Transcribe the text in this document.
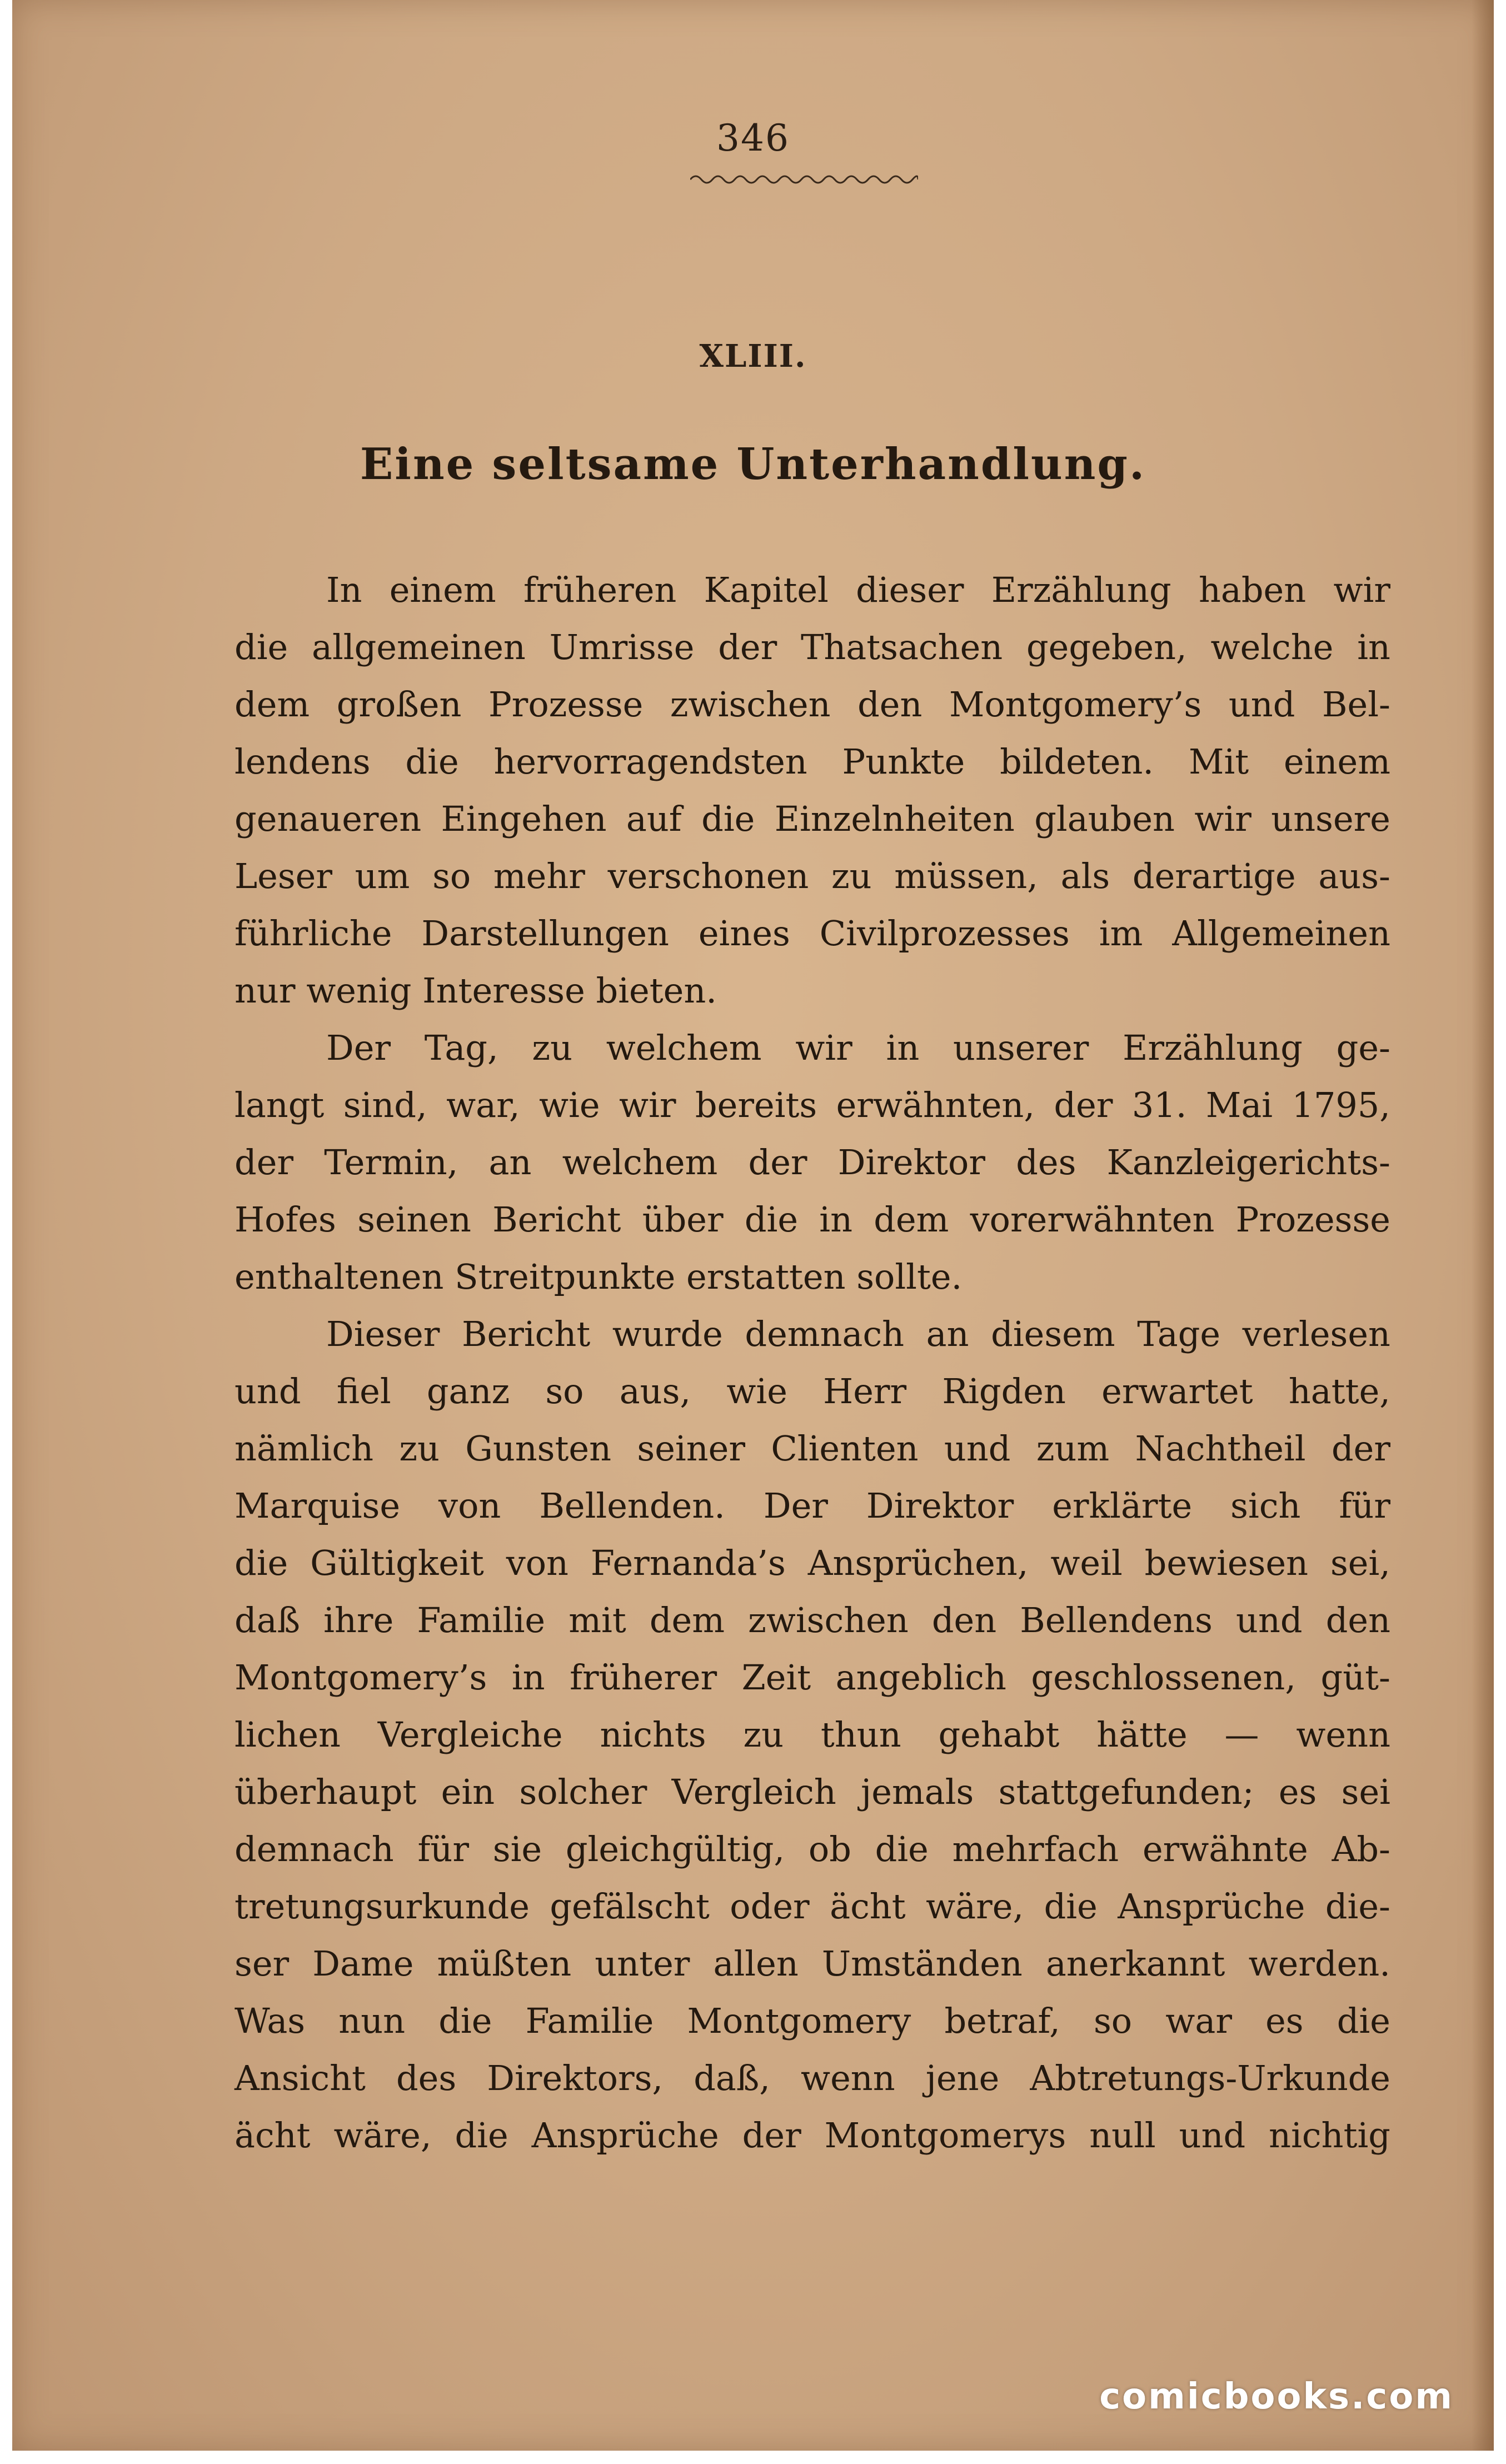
346
XLIII.
Eine seltsame Unterhandlung.
In einem früheren Kapitel dieser Erzählung haben wir
die allgemeinen Umrisse der Thatsachen gegeben, welche in
dem großen Prozesse zwischen den Montgomery’s und Bel-
lendens die hervorragendsten Punkte bildeten. Mit einem
genaueren Eingehen auf die Einzelnheiten glauben wir unsere
Leser um so mehr verschonen zu müssen, als derartige aus-
führliche Darstellungen eines Civilprozesses im Allgemeinen
nur wenig Interesse bieten.
Der Tag, zu welchem wir in unserer Erzählung ge-
langt sind, war, wie wir bereits erwähnten, der 31. Mai 1795,
der Termin, an welchem der Direktor des Kanzleigerichts-
Hofes seinen Bericht über die in dem vorerwähnten Prozesse
enthaltenen Streitpunkte erstatten sollte.
Dieser Bericht wurde demnach an diesem Tage verlesen
und fiel ganz so aus, wie Herr Rigden erwartet hatte,
nämlich zu Gunsten seiner Clienten und zum Nachtheil der
Marquise von Bellenden. Der Direktor erklärte sich für
die Gültigkeit von Fernanda’s Ansprüchen, weil bewiesen sei,
daß ihre Familie mit dem zwischen den Bellendens und den
Montgomery’s in früherer Zeit angeblich geschlossenen, güt-
lichen Vergleiche nichts zu thun gehabt hätte — wenn
überhaupt ein solcher Vergleich jemals stattgefunden; es sei
demnach für sie gleichgültig, ob die mehrfach erwähnte Ab-
tretungsurkunde gefälscht oder ächt wäre, die Ansprüche die-
ser Dame müßten unter allen Umständen anerkannt werden.
Was nun die Familie Montgomery betraf, so war es die
Ansicht des Direktors, daß, wenn jene Abtretungs-Urkunde
ächt wäre, die Ansprüche der Montgomerys null und nichtig
comicbooks.com
